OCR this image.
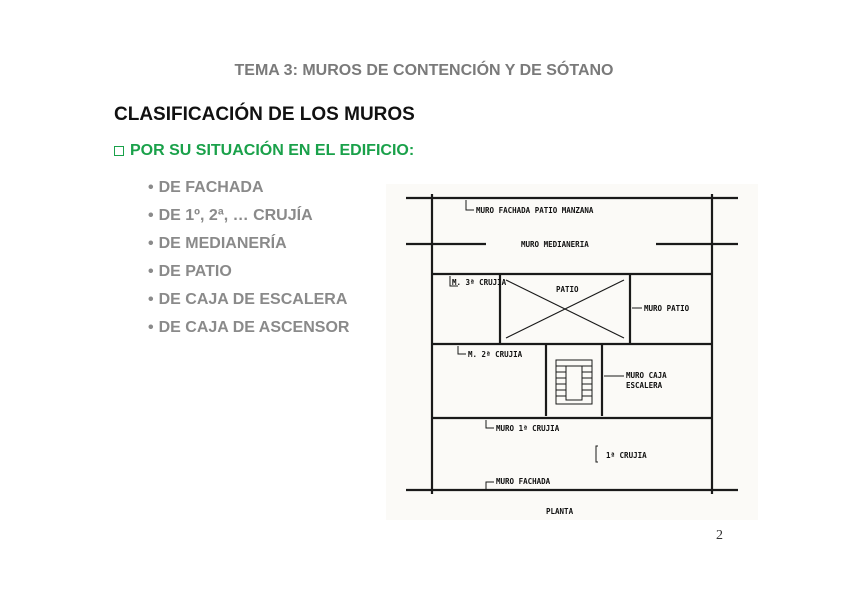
TEMA 3: MUROS DE CONTENCIÓN Y DE SÓTANO
CLASIFICACIÓN DE LOS MUROS
POR SU SITUACIÓN EN EL EDIFICIO:
• DE FACHADA
• DE 1º, 2ª, … CRUJÍA
• DE MEDIANERÍA
• DE PATIO
• DE CAJA DE ESCALERA
• DE CAJA DE ASCENSOR
MURO FACHADA PATIO MANZANA
MURO MEDIANERIA
M. 3ª CRUJIA
PATIO
MURO PATIO
M. 2ª CRUJIA
MURO CAJA
ESCALERA
MURO 1ª CRUJIA
1ª CRUJIA
MURO FACHADA
PLANTA
2
